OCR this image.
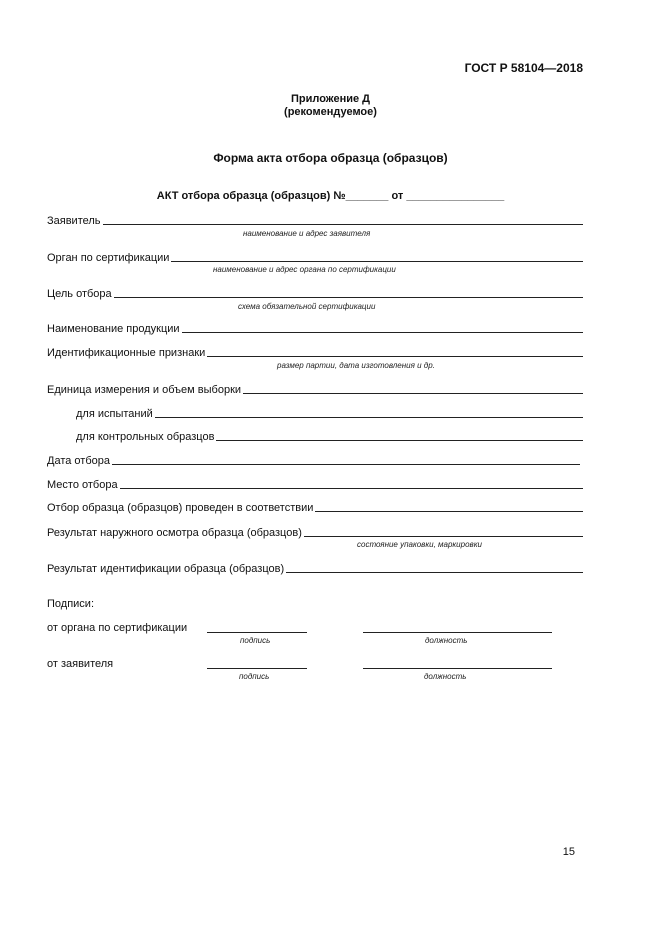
ГОСТ Р 58104—2018
Приложение Д
(рекомендуемое)
Форма акта отбора образца (образцов)
АКТ отбора образца (образцов) №_______ от ________________
Заявитель
наименование и адрес заявителя
Орган по сертификации
наименование и адрес органа по сертификации
Цель отбора
схема обязательной сертификации
Наименование продукции
Идентификационные признаки
размер партии, дата изготовления и др.
Единица измерения и объем выборки
для испытаний
для контрольных образцов
Дата отбора
Место отбора
Отбор образца (образцов) проведен в соответствии
Результат наружного осмотра образца (образцов)
состояние упаковки, маркировки
Результат идентификации образца (образцов)
Подписи:
от органа по сертификации
подпись	должность
от заявителя
подпись	должность
15
